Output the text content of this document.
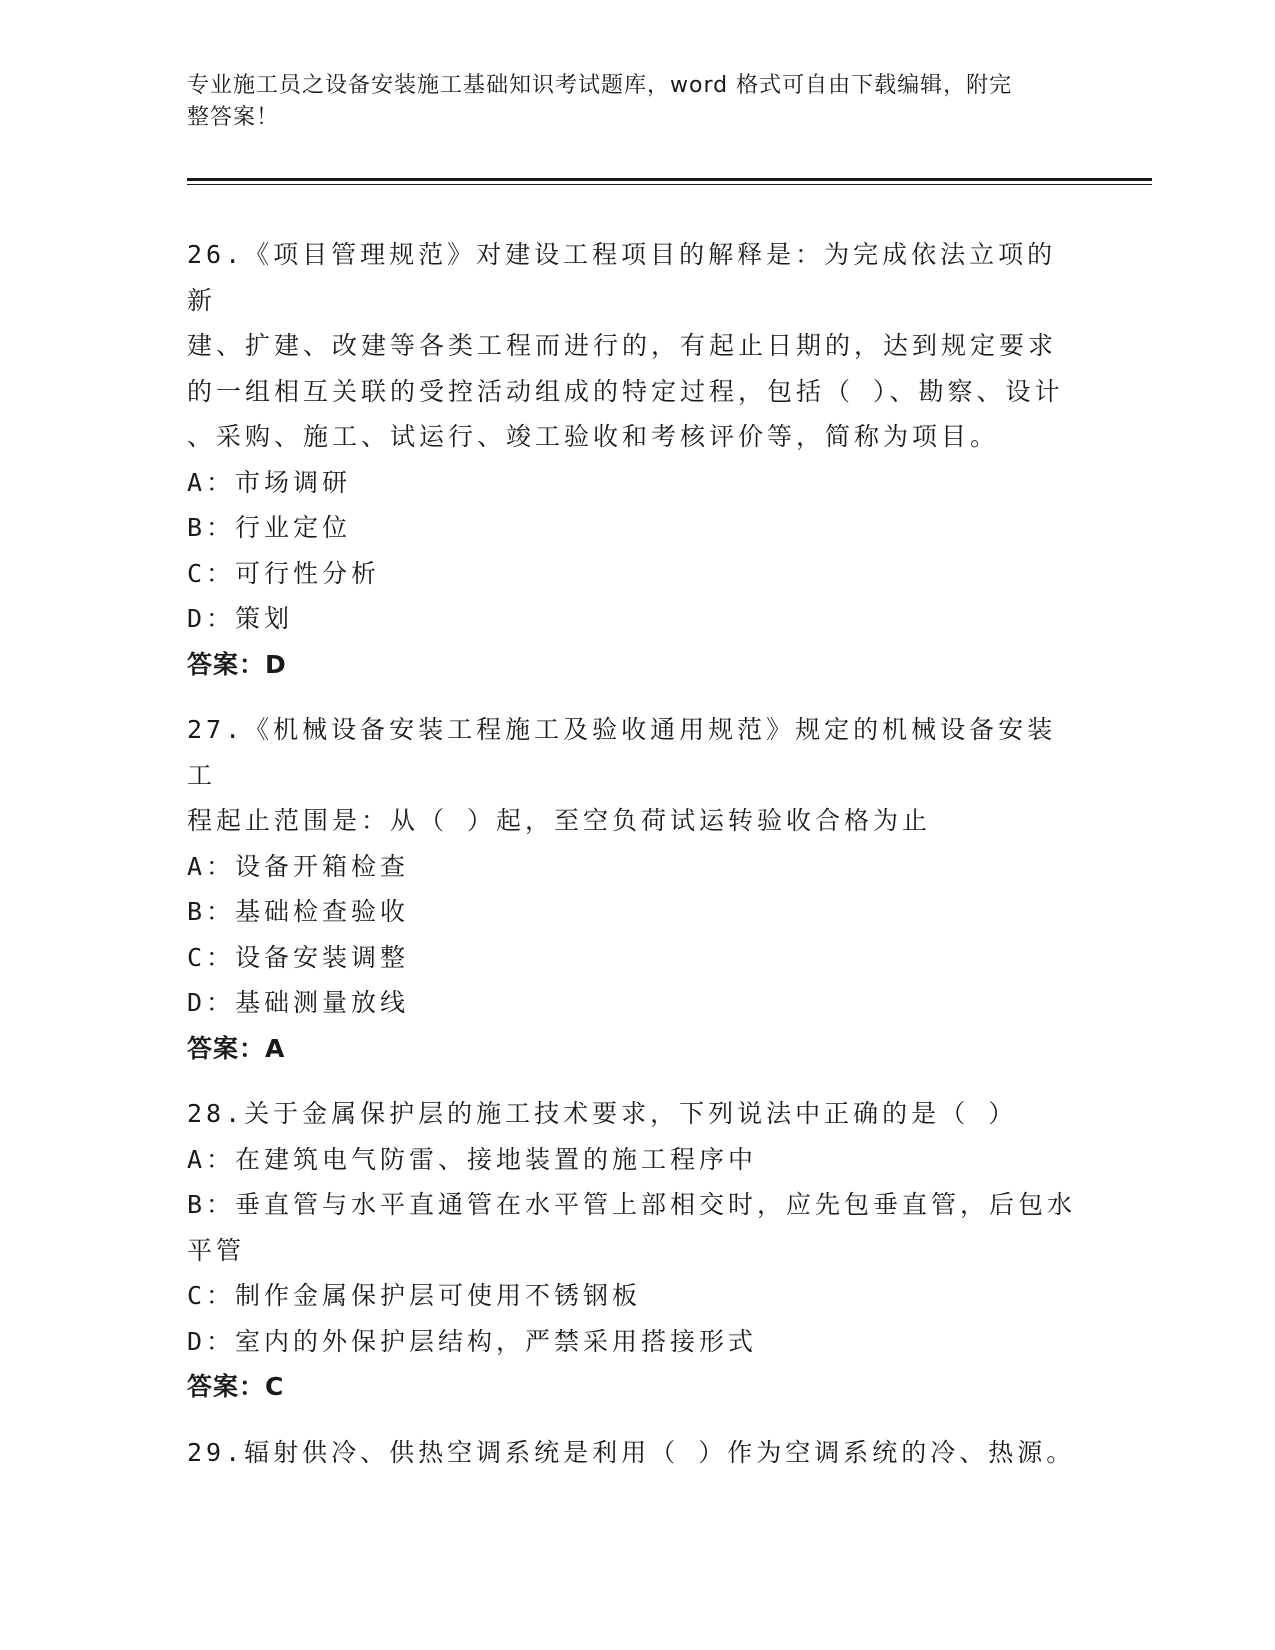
专业施工员之设备安装施工基础知识考试题库，word 格式可自由下载编辑，附完
整答案！

26.《项目管理规范》对建设工程项目的解释是：为完成依法立项的新

建、扩建、改建等各类工程而进行的，有起止日期的，达到规定要求

的一组相互关联的受控活动组成的特定过程，包括（ ）、勘察、设计

、采购、施工、试运行、竣工验收和考核评价等，简称为项目。

A：市场调研

B：行业定位

C：可行性分析

D：策划

答案：D

27.《机械设备安装工程施工及验收通用规范》规定的机械设备安装工

程起止范围是：从（ ）起，至空负荷试运转验收合格为止

A：设备开箱检查

B：基础检查验收

C：设备安装调整

D：基础测量放线

答案：A

28.关于金属保护层的施工技术要求，下列说法中正确的是（ ）

A：在建筑电气防雷、接地装置的施工程序中

B：垂直管与水平直通管在水平管上部相交时，应先包垂直管，后包水

平管

C：制作金属保护层可使用不锈钢板

D：室内的外保护层结构，严禁采用搭接形式

答案：C

29.辐射供冷、供热空调系统是利用（ ）作为空调系统的冷、热源。
